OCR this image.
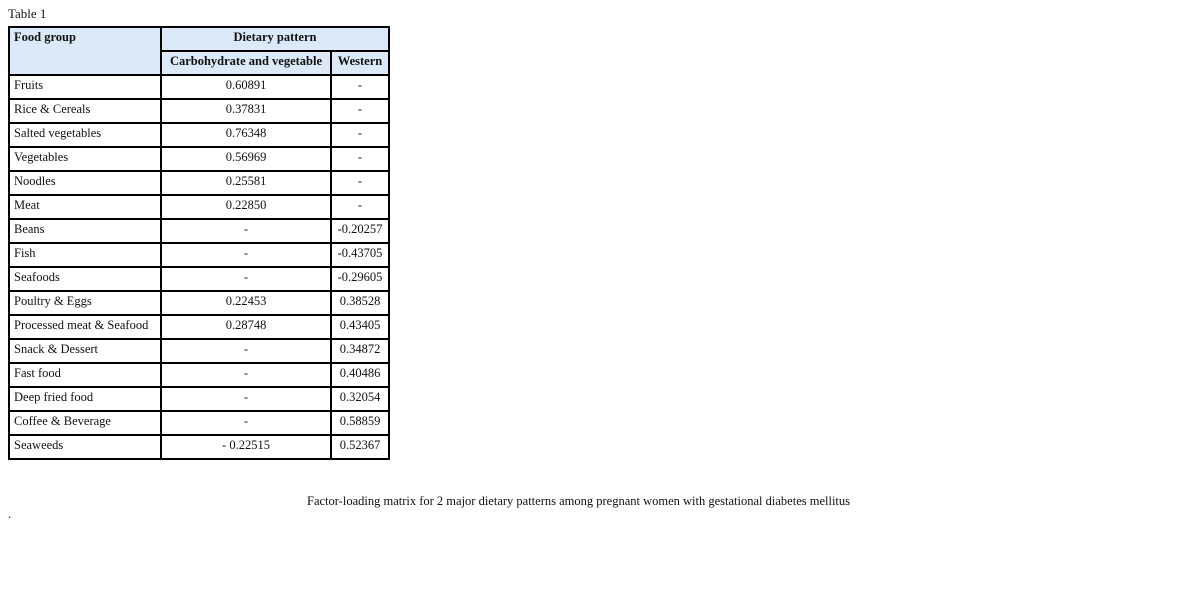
Table 1
Food group	Dietary pattern	
	Carbohydrate and vegetable	Western
Fruits	0.60891	-
Rice & Cereals	0.37831	-
Salted vegetables	0.76348	-
Vegetables	0.56969	-
Noodles	0.25581	-
Meat	0.22850	-
Beans	-	-0.20257
Fish	-	-0.43705
Seafoods	-	-0.29605
Poultry & Eggs	0.22453	0.38528
Processed meat & Seafood	0.28748	0.43405
Snack & Dessert	-	0.34872
Fast food	-	0.40486
Deep fried food	-	0.32054
Coffee & Beverage	-	0.58859
Seaweeds	- 0.22515	0.52367
Factor-loading matrix for 2 major dietary patterns among pregnant women with gestational diabetes mellitus
.
